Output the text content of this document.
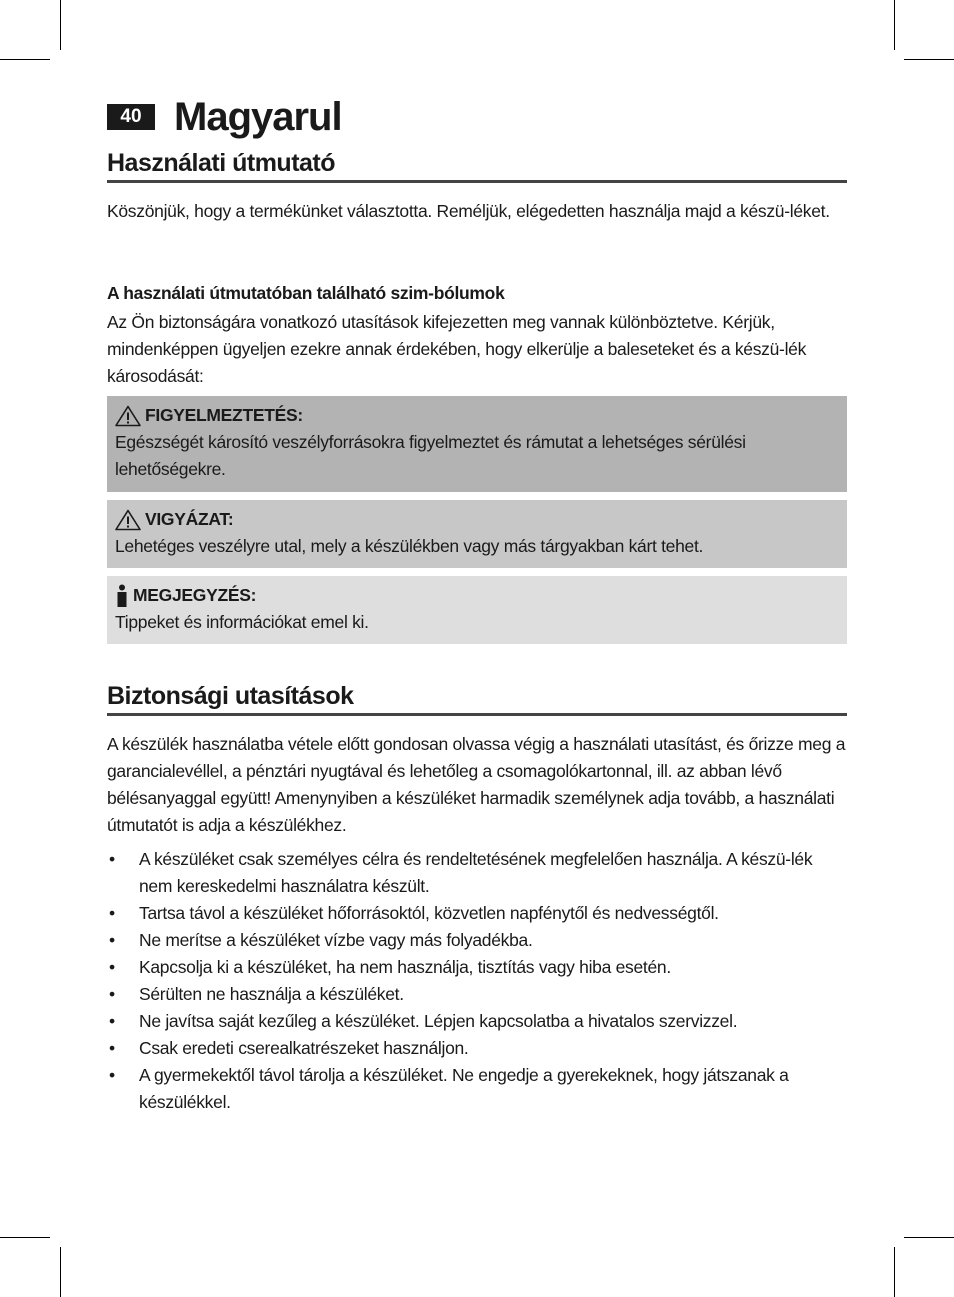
40 Magyarul
Használati útmutató

Köszönjük, hogy a termékünket választotta. Reméljük, elégedetten használja majd a készü-léket.

A használati útmutatóban található szim-bólumok

Az Ön biztonságára vonatkozó utasítások kifejezetten meg vannak különböztetve. Kérjük, mindenképpen ügyeljen ezekre annak érdekében, hogy elkerülje a baleseteket és a készü-lék károsodását:

FIGYELMEZTETÉS:
Egészségét károsító veszélyforrásokra figyelmeztet és rámutat a lehetséges sérülési lehetőségekre.
VIGYÁZAT:
Lehetéges veszélyre utal, mely a készülékben vagy más tárgyakban kárt tehet.
MEGJEGYZÉS:
Tippeket és információkat emel ki.
Biztonsági utasítások

A készülék használatba vétele előtt gondosan olvassa végig a használati utasítást, és őrizze meg a garancialevéllel, a pénztári nyugtával és lehetőleg a csomagolókartonnal, ill. az abban lévő bélésanyaggal együtt! Amenynyiben a készüléket harmadik személynek adja tovább, a használati útmutatót is adja a készülékhez.

• A készüléket csak személyes célra és rendeltetésének megfelelően használja. A készü-lék nem kereskedelmi használatra készült.
• Tartsa távol a készüléket hőforrásoktól, közvetlen napfénytől és nedvességtől.
• Ne merítse a készüléket vízbe vagy más folyadékba.
• Kapcsolja ki a készüléket, ha nem használja, tisztítás vagy hiba esetén.
• Sérülten ne használja a készüléket.
• Ne javítsa saját kezűleg a készüléket. Lépjen kapcsolatba a hivatalos szervizzel.
• Csak eredeti cserealkatrészeket használjon.
• A gyermekektől távol tárolja a készüléket. Ne engedje a gyerekeknek, hogy játszanak a készülékkel.
